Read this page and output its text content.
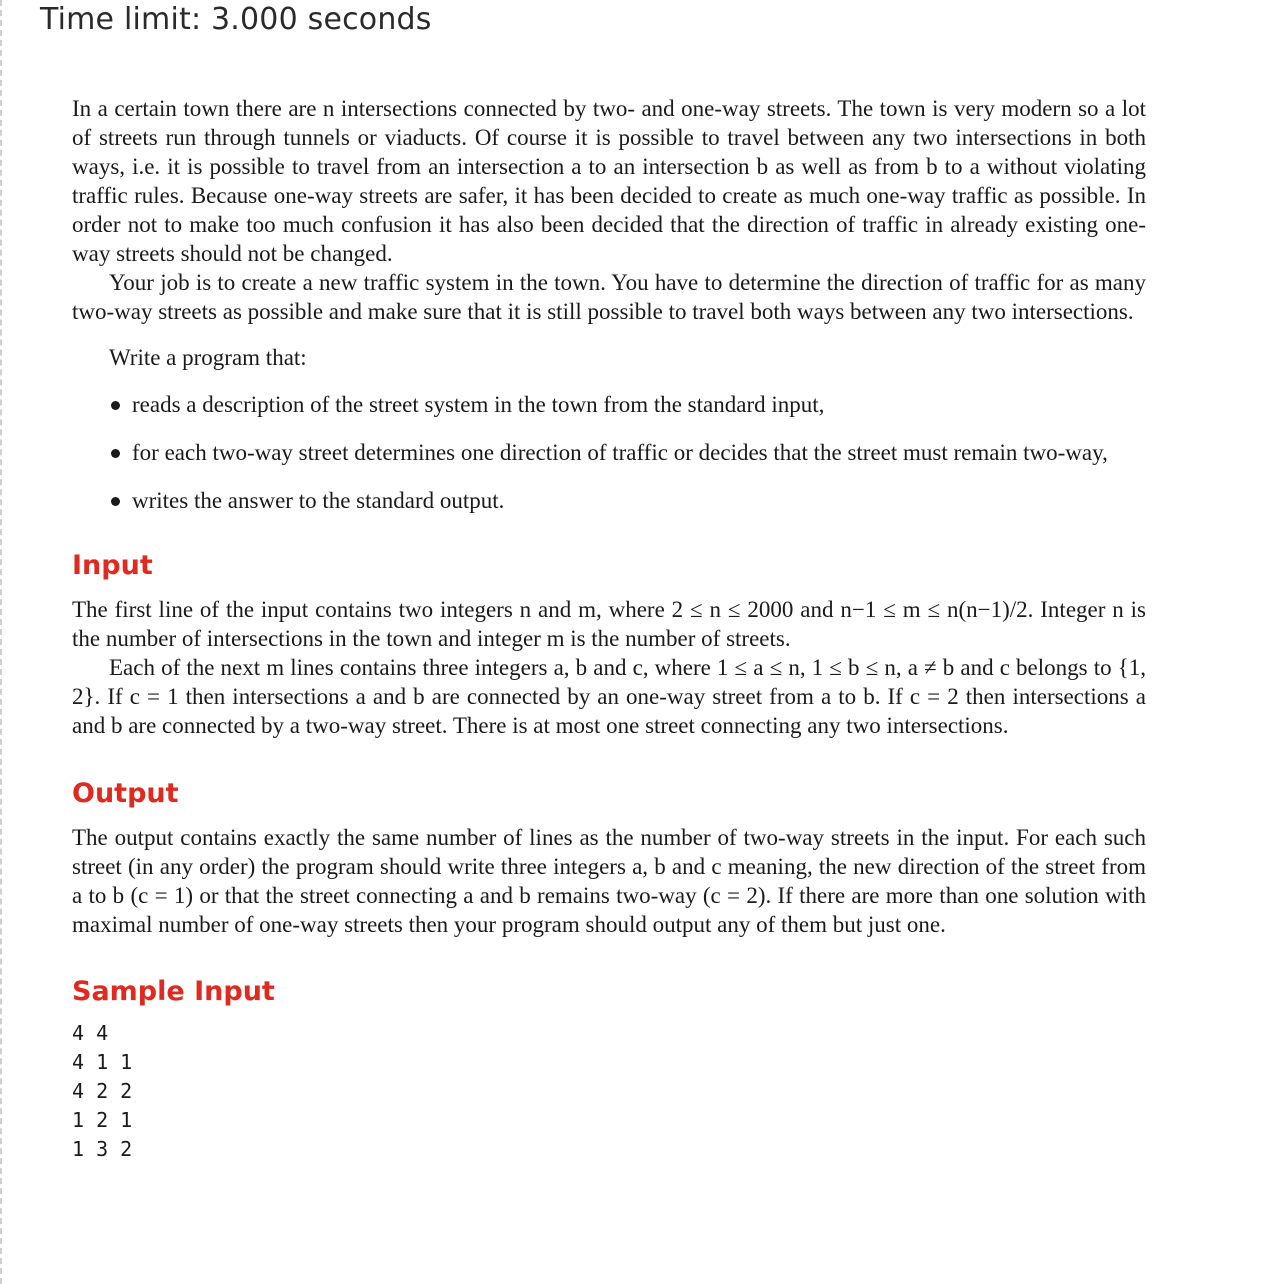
Time limit: 3.000 seconds

In a certain town there are n intersections connected by two- and one-way streets. The town is very modern so a lot of streets run through tunnels or viaducts. Of course it is possible to travel between any two intersections in both ways, i.e. it is possible to travel from an intersection a to an intersection b as well as from b to a without violating traffic rules. Because one-way streets are safer, it has been decided to create as much one-way traffic as possible. In order not to make too much confusion it has also been decided that the direction of traffic in already existing one-way streets should not be changed.

Your job is to create a new traffic system in the town. You have to determine the direction of traffic for as many two-way streets as possible and make sure that it is still possible to travel both ways between any two intersections.

Write a program that:

reads a description of the street system in the town from the standard input,
for each two-way street determines one direction of traffic or decides that the street must remain two-way,
writes the answer to the standard output.
Input

The first line of the input contains two integers n and m, where 2 ≤ n ≤ 2000 and n−1 ≤ m ≤ n(n−1)/2. Integer n is the number of intersections in the town and integer m is the number of streets.

Each of the next m lines contains three integers a, b and c, where 1 ≤ a ≤ n, 1 ≤ b ≤ n, a ≠ b and c belongs to {1, 2}. If c = 1 then intersections a and b are connected by an one-way street from a to b. If c = 2 then intersections a and b are connected by a two-way street. There is at most one street connecting any two intersections.

Output

The output contains exactly the same number of lines as the number of two-way streets in the input. For each such street (in any order) the program should write three integers a, b and c meaning, the new direction of the street from a to b (c = 1) or that the street connecting a and b remains two-way (c = 2). If there are more than one solution with maximal number of one-way streets then your program should output any of them but just one.

Sample Input
4 4
4 1 1
4 2 2
1 2 1
1 3 2
